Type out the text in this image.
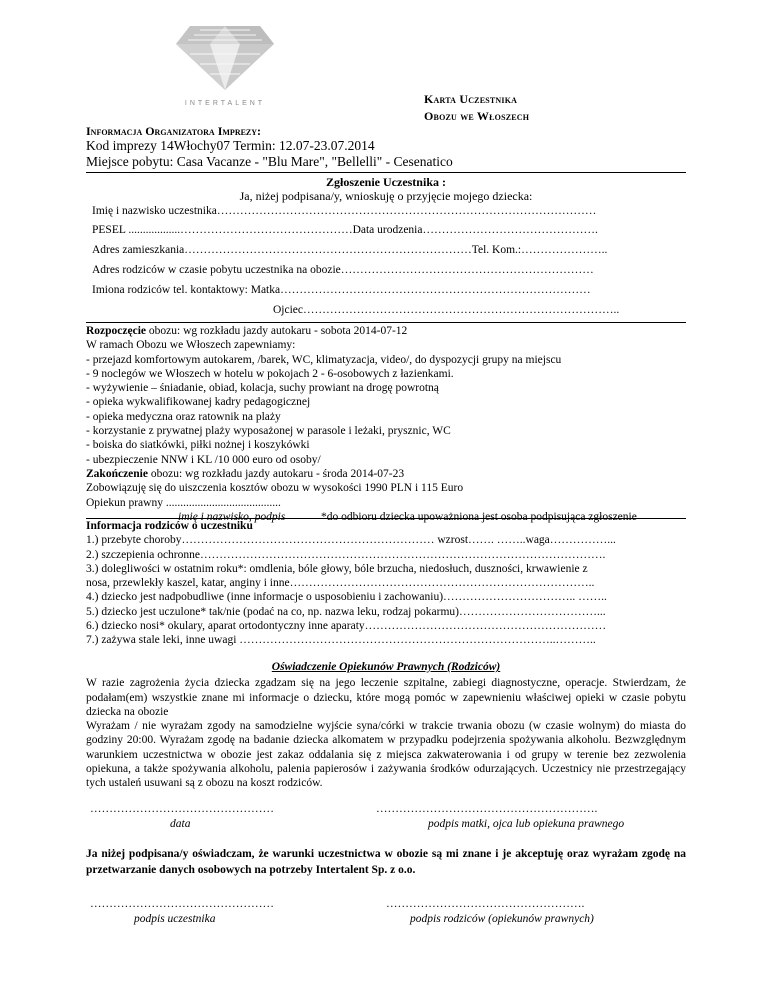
INTERTALENT	Karta Uczestnika
Obozu we Włoszech
Informacja Organizatora Imprezy:
Kod imprezy 14Włochy07 Termin: 12.07-23.07.2014
Miejsce pobytu: Casa Vacanze - "Blu Mare", "Bellelli" - Cesenatico
Zgłoszenie Uczestnika :
Ja, niżej podpisana/y, wnioskuję o przyjęcie mojego dziecka:
Imię i nazwisko uczestnika………………………………………………………………………………………
PESEL ..................………………………………………Data urodzenia……………………………………….
Adres zamieszkania…………………………………………………………………Tel. Kom.:…………………..
Adres rodziców w czasie pobytu uczestnika na obozie…………………………………………………………
Imiona rodziców tel. kontaktowy: Matka………………………………………………………………………
Ojciec………………………………………………………………………..
Rozpoczęcie obozu: wg rozkładu jazdy autokaru - sobota 2014-07-12
W ramach Obozu we Włoszech zapewniamy:
- przejazd komfortowym autokarem, /barek, WC, klimatyzacja, video/, do dyspozycji grupy na miejscu
- 9 noclegów we Włoszech w hotelu w pokojach 2 - 6-osobowych z łazienkami.
- wyżywienie – śniadanie, obiad, kolacja, suchy prowiant na drogę powrotną
- opieka wykwalifikowanej kadry pedagogicznej
- opieka medyczna oraz ratownik na plaży
- korzystanie z prywatnej plaży wyposażonej w parasole i leżaki, prysznic, WC
- boiska do siatkówki, piłki nożnej i koszykówki
- ubezpieczenie NNW i KL /10 000 euro od osoby/
Zakończenie obozu: wg rozkładu jazdy autokaru - środa 2014-07-23
Zobowiązuję się do uiszczenia kosztów obozu w wysokości 1990 PLN i 115 Euro
Opiekun prawny ........................................
imię i nazwisko, podpis	*do odbioru dziecka upoważniona jest osoba podpisująca zgłoszenie
Informacja rodziców o uczestniku
1.) przebyte choroby………………………………………………………… wzrost……. ……..waga……………...
2.) szczepienia ochronne…………………………………………………………………………………………….
3.) dolegliwości w ostatnim roku*: omdlenia, bóle głowy, bóle brzucha, niedosłuch, duszności, krwawienie z
nosa, przewlekły kaszel, katar, anginy i inne……………………………………………………………………..
4.) dziecko jest nadpobudliwe (inne informacje o usposobieniu i zachowaniu)…………………………….. ……..
5.) dziecko jest uczulone* tak/nie (podać na co, np. nazwa leku, rodzaj pokarmu)………………………………...
6.) dziecko nosi* okulary, aparat ortodontyczny inne aparaty………………………………………………………
7.) zażywa stale leki, inne uwagi ………………………………………………………………………..………..
Oświadczenie Opiekunów Prawnych (Rodziców)
W razie zagrożenia życia dziecka zgadzam się na jego leczenie szpitalne, zabiegi diagnostyczne, operacje. Stwierdzam, że podałam(em) wszystkie znane mi informacje o dziecku, które mogą pomóc w zapewnieniu właściwej opieki w czasie pobytu dziecka na obozie
Wyrażam / nie wyrażam zgody na samodzielne wyjście syna/córki w trakcie trwania obozu (w czasie wolnym) do miasta do godziny 20:00. Wyrażam zgodę na badanie dziecka alkomatem w przypadku podejrzenia spożywania alkoholu. Bezwzględnym warunkiem uczestnictwa w obozie jest zakaz oddalania się z miejsca zakwaterowania i od grupy w terenie bez zezwolenia opiekuna, a także spożywania alkoholu, palenia papierosów i zażywania środków odurzających. Uczestnicy nie przestrzegający tych ustaleń usuwani są z obozu na koszt rodziców.
…………………………………………	………………………………………………….
data	podpis matki, ojca lub opiekuna prawnego
Ja niżej podpisana/y oświadczam, że warunki uczestnictwa w obozie są mi znane i je akceptuję oraz wyrażam zgodę na przetwarzanie danych osobowych na potrzeby Intertalent Sp. z o.o.
…………………………………………	…………………………………………….
podpis uczestnika	podpis rodziców (opiekunów prawnych)
